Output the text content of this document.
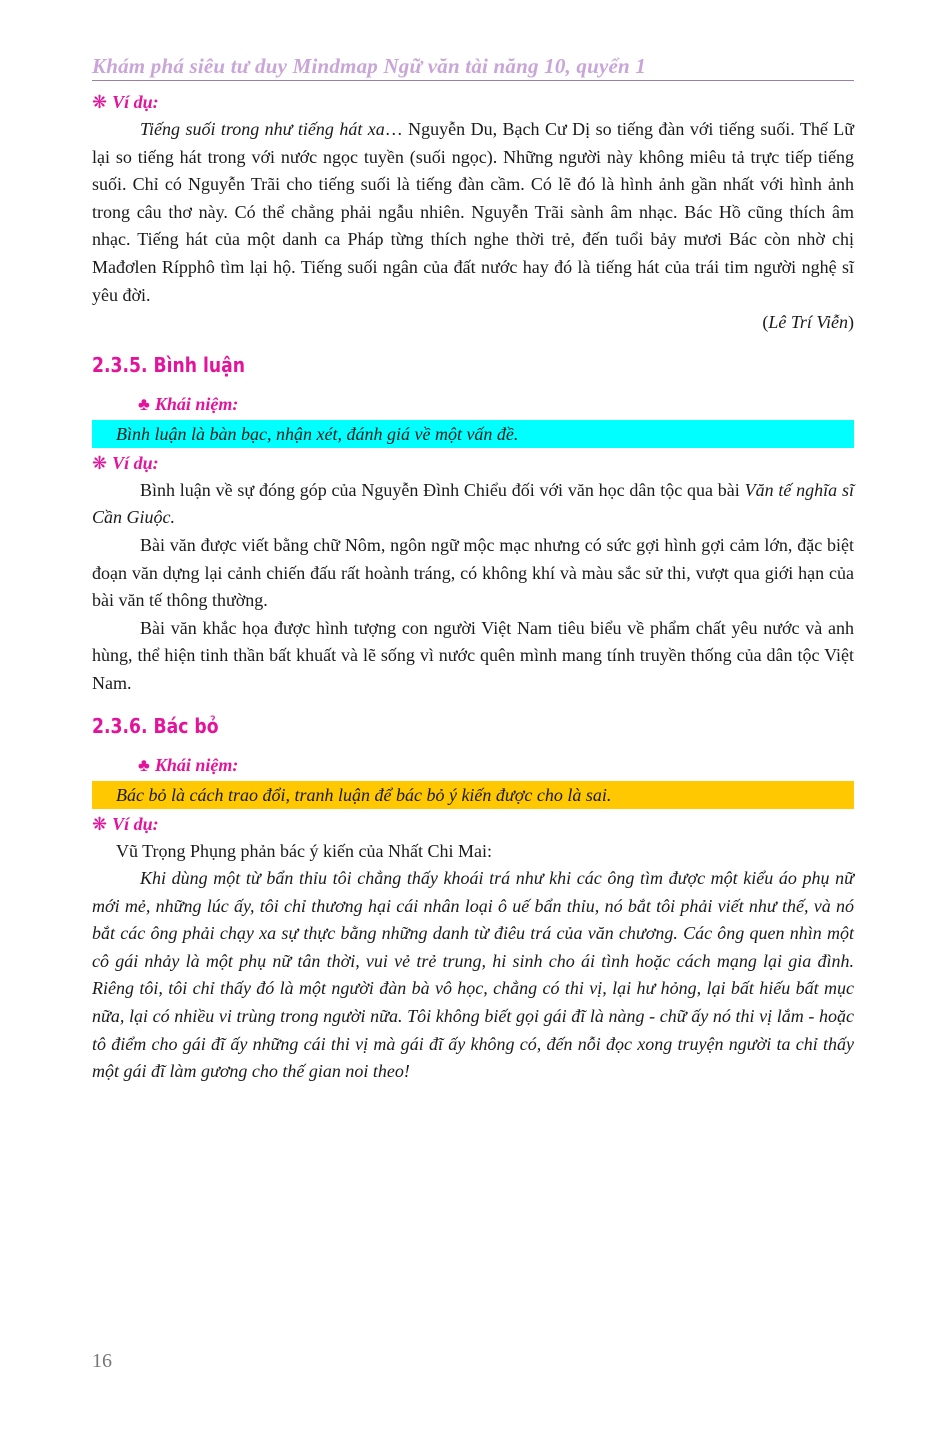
Khám phá siêu tư duy Mindmap Ngữ văn tài năng 10, quyển 1
❋ Ví dụ:

Tiếng suối trong như tiếng hát xa… Nguyễn Du, Bạch Cư Dị so tiếng đàn với tiếng suối. Thế Lữ lại so tiếng hát trong với nước ngọc tuyền (suối ngọc). Những người này không miêu tả trực tiếp tiếng suối. Chỉ có Nguyễn Trãi cho tiếng suối là tiếng đàn cầm. Có lẽ đó là hình ảnh gần nhất với hình ảnh trong câu thơ này. Có thể chẳng phải ngẫu nhiên. Nguyễn Trãi sành âm nhạc. Bác Hồ cũng thích âm nhạc. Tiếng hát của một danh ca Pháp từng thích nghe thời trẻ, đến tuổi bảy mươi Bác còn nhờ chị Mađơlen Rípphô tìm lại hộ. Tiếng suối ngân của đất nước hay đó là tiếng hát của trái tim người nghệ sĩ yêu đời.

(Lê Trí Viễn)

2.3.5. Bình luận
♣ Khái niệm:
Bình luận là bàn bạc, nhận xét, đánh giá về một vấn đề.
❋ Ví dụ:

Bình luận về sự đóng góp của Nguyễn Đình Chiểu đối với văn học dân tộc qua bài Văn tế nghĩa sĩ Cần Giuộc.

Bài văn được viết bằng chữ Nôm, ngôn ngữ mộc mạc nhưng có sức gợi hình gợi cảm lớn, đặc biệt đoạn văn dựng lại cảnh chiến đấu rất hoành tráng, có không khí và màu sắc sử thi, vượt qua giới hạn của bài văn tế thông thường.

Bài văn khắc họa được hình tượng con người Việt Nam tiêu biểu về phẩm chất yêu nước và anh hùng, thể hiện tinh thần bất khuất và lẽ sống vì nước quên mình mang tính truyền thống của dân tộc Việt Nam.

2.3.6. Bác bỏ
♣ Khái niệm:
Bác bỏ là cách trao đổi, tranh luận để bác bỏ ý kiến được cho là sai.
❋ Ví dụ:

Vũ Trọng Phụng phản bác ý kiến của Nhất Chi Mai:

Khi dùng một từ bẩn thỉu tôi chẳng thấy khoái trá như khi các ông tìm được một kiểu áo phụ nữ mới mẻ, những lúc ấy, tôi chỉ thương hại cái nhân loại ô uế bẩn thỉu, nó bắt tôi phải viết như thế, và nó bắt các ông phải chạy xa sự thực bằng những danh từ điêu trá của văn chương. Các ông quen nhìn một cô gái nhảy là một phụ nữ tân thời, vui vẻ trẻ trung, hi sinh cho ái tình hoặc cách mạng lại gia đình. Riêng tôi, tôi chỉ thấy đó là một người đàn bà vô học, chẳng có thi vị, lại hư hỏng, lại bất hiếu bất mục nữa, lại có nhiều vi trùng trong người nữa. Tôi không biết gọi gái đĩ là nàng - chữ ấy nó thi vị lắm - hoặc tô điểm cho gái đĩ ấy những cái thi vị mà gái đĩ ấy không có, đến nỗi đọc xong truyện người ta chỉ thấy một gái đĩ làm gương cho thế gian noi theo!

16
